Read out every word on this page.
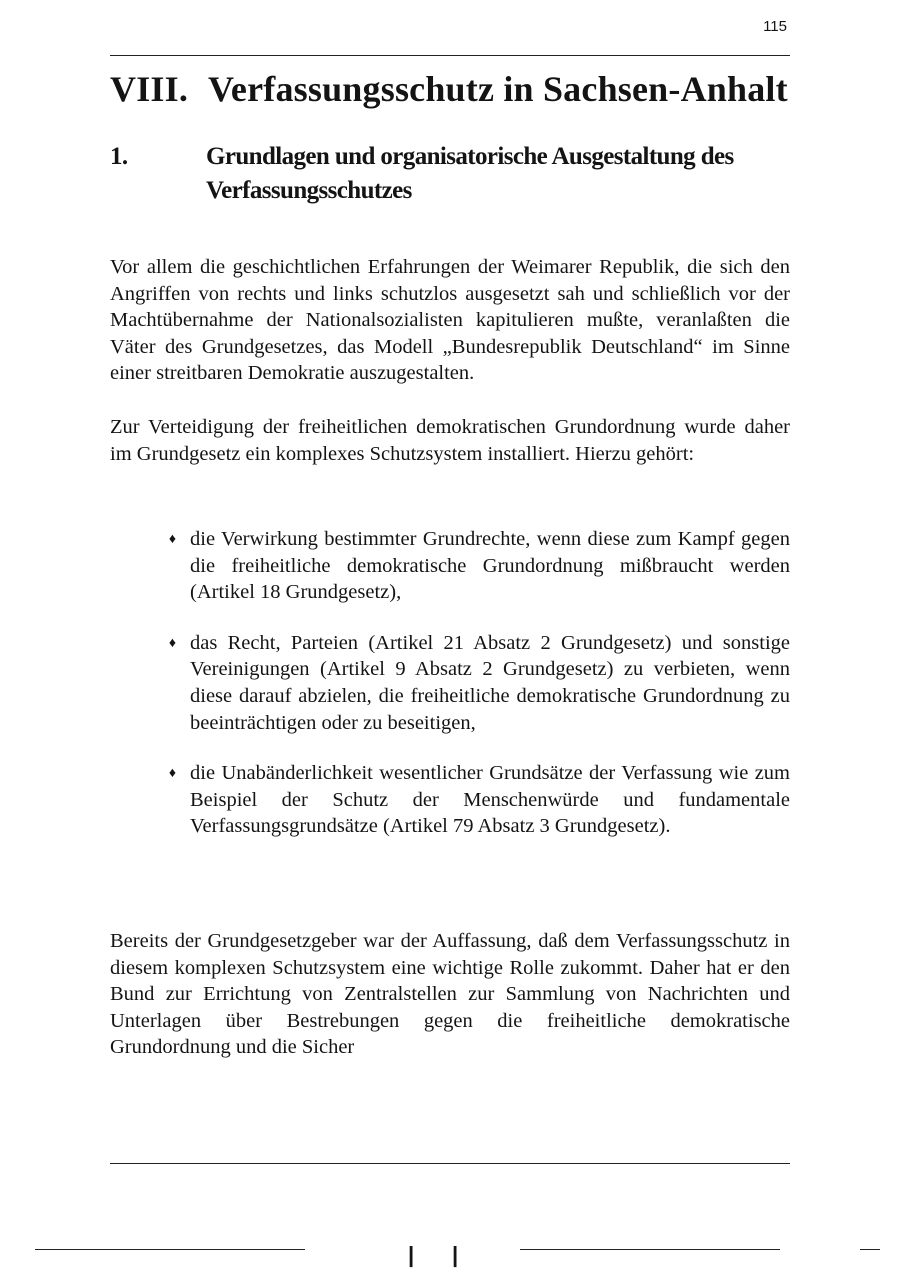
115
VIII. Verfassungsschutz in Sachsen-Anhalt
1.	Grundlagen und organisatorische Ausgestaltung des Verfassungsschutzes

Vor allem die geschichtlichen Erfahrungen der Weimarer Republik, die sich den Angriffen von rechts und links schutzlos ausgesetzt sah und schließlich vor der Machtübernahme der Nationalsozialisten kapitulieren mußte, veranlaßten die Väter des Grundgesetzes, das Modell „Bundesrepublik Deutschland“ im Sinne einer streitbaren Demokratie auszugestalten.

Zur Verteidigung der freiheitlichen demokratischen Grundordnung wurde daher im Grundgesetz ein komplexes Schutzsystem installiert. Hierzu gehört:

♦ die Verwirkung bestimmter Grundrechte, wenn diese zum Kampf gegen die freiheitliche demokratische Grundordnung mißbraucht werden (Artikel 18 Grundgesetz),
♦ das Recht, Parteien (Artikel 21 Absatz 2 Grundgesetz) und sonstige Vereinigungen (Artikel 9 Absatz 2 Grundgesetz) zu verbieten, wenn diese darauf abzielen, die freiheitliche demokratische Grundordnung zu beeinträchtigen oder zu beseitigen,
♦ die Unabänderlichkeit wesentlicher Grundsätze der Verfassung wie zum Beispiel der Schutz der Menschenwürde und fundamentale Verfassungsgrundsätze (Artikel 79 Absatz 3 Grundgesetz).

Bereits der Grundgesetzgeber war der Auffassung, daß dem Verfassungsschutz in diesem komplexen Schutzsystem eine wichtige Rolle zukommt. Daher hat er den Bund zur Errichtung von Zentralstellen zur Sammlung von Nachrichten und Unterlagen über Bestrebungen gegen die freiheitliche demokratische Grundordnung und die Sicher

| |
